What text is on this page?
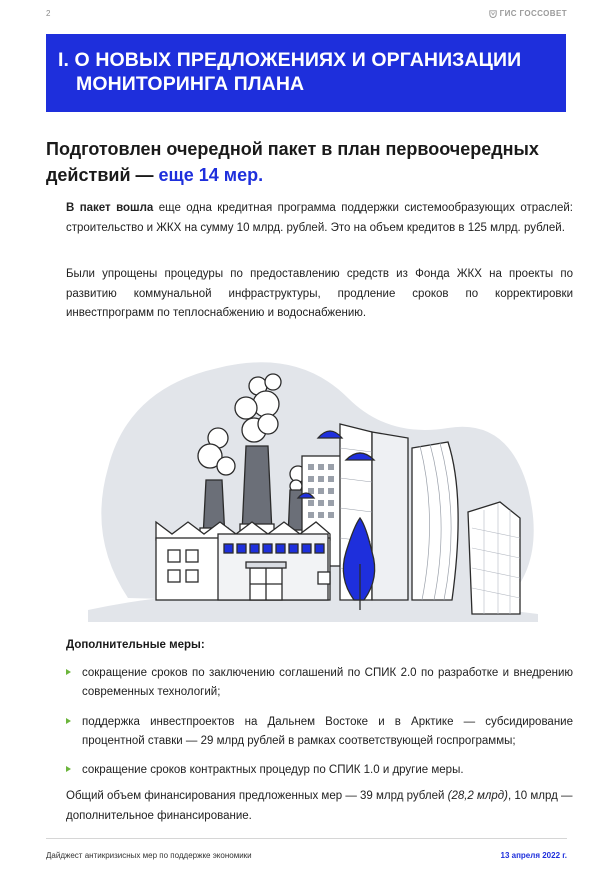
2	ГИС ГОССОВЕТ
I. О НОВЫХ ПРЕДЛОЖЕНИЯХ И ОРГАНИЗАЦИИ
МОНИТОРИНГА ПЛАНА
Подготовлен очередной пакет в план первоочередных
действий — еще 14 мер.
В пакет вошла еще одна кредитная программа поддержки системообразующих отраслей: строительство и ЖКХ на сумму 10 млрд. рублей. Это на объем кредитов в 125 млрд. рублей.
Были упрощены процедуры по предоставлению средств из Фонда ЖКХ на проекты по развитию коммунальной инфраструктуры, продление сроков по корректировки инвестпрограмм по теплоснабжению и водоснабжению.
Дополнительные меры:
сокращение сроков по заключению соглашений по СПИК 2.0 по разработке и внедрению современных технологий;
поддержка инвестпроектов на Дальнем Востоке и в Арктике — субсидирование процентной ставки — 29 млрд рублей в рамках соответствующей госпрограммы;
сокращение сроков контрактных процедур по СПИК 1.0 и другие меры.
Общий объем финансирования предложенных мер — 39 млрд рублей (28,2 млрд), 10 млрд — дополнительное финансирование.
Дайджест антикризисных мер по поддержке экономики	13 апреля 2022 г.
